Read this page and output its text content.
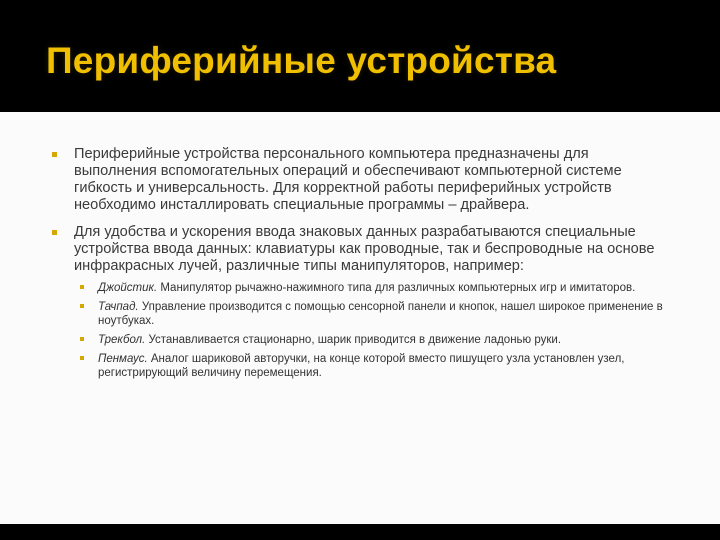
Периферийные устройства
Периферийные устройства персонального компьютера предназначены для выполнения вспомогательных операций и обеспечивают компьютерной системе гибкость и универсальность. Для корректной работы периферийных устройств необходимо инсталлировать специальные программы – драйвера.
Для удобства и ускорения ввода знаковых данных разрабатываются специальные устройства ввода данных: клавиатуры как проводные, так и беспроводные на основе инфракрасных лучей, различные типы манипуляторов, например:
Джойстик. Манипулятор рычажно-нажимного типа для различных компьютерных игр и имитаторов.
Тачпад. Управление производится с помощью сенсорной панели и кнопок, нашел широкое применение в ноутбуках.
Трекбол. Устанавливается стационарно, шарик приводится в движение ладонью руки.
Пенмаус. Аналог шариковой авторучки, на конце которой вместо пишущего узла установлен узел, регистрирующий величину перемещения.
